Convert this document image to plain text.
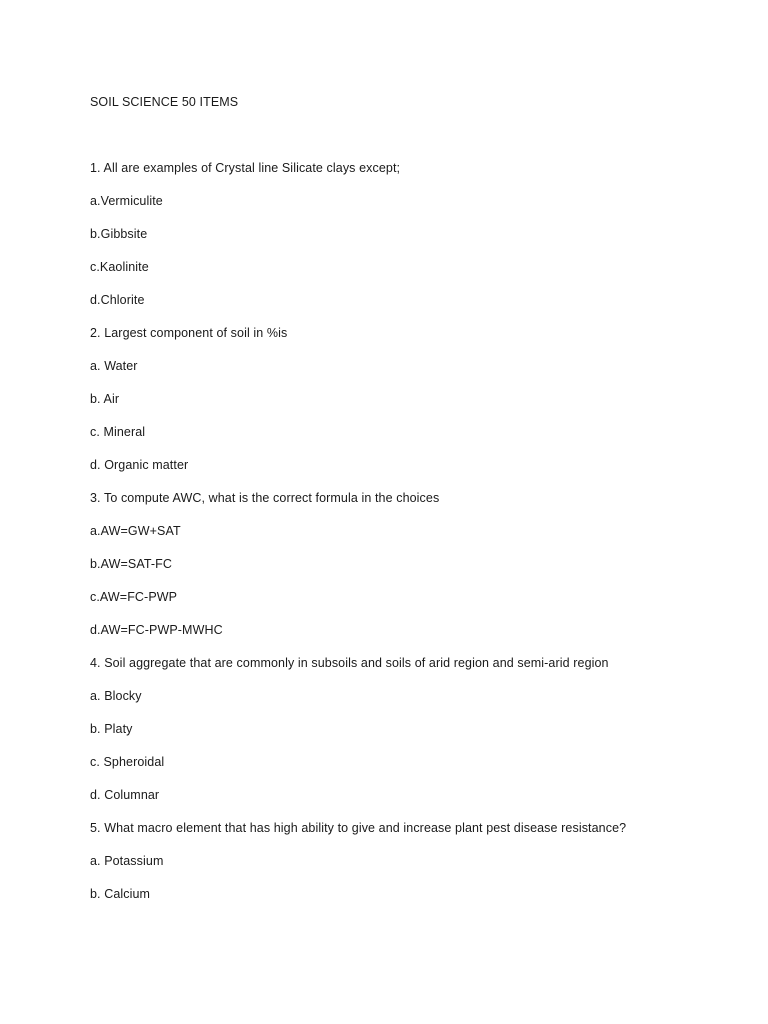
SOIL SCIENCE 50 ITEMS
1. All are examples of Crystal line Silicate clays except;
a.Vermiculite
b.Gibbsite
c.Kaolinite
d.Chlorite
2. Largest component of soil in %is
a. Water
b. Air
c. Mineral
d. Organic matter
3. To compute AWC, what is the correct formula in the choices
a.AW=GW+SAT
b.AW=SAT-FC
c.AW=FC-PWP
d.AW=FC-PWP-MWHC
4. Soil aggregate that are commonly in subsoils and soils of arid region and semi-arid region
a. Blocky
b. Platy
c. Spheroidal
d. Columnar
5. What macro element that has high ability to give and increase plant pest disease resistance?
a. Potassium
b. Calcium
